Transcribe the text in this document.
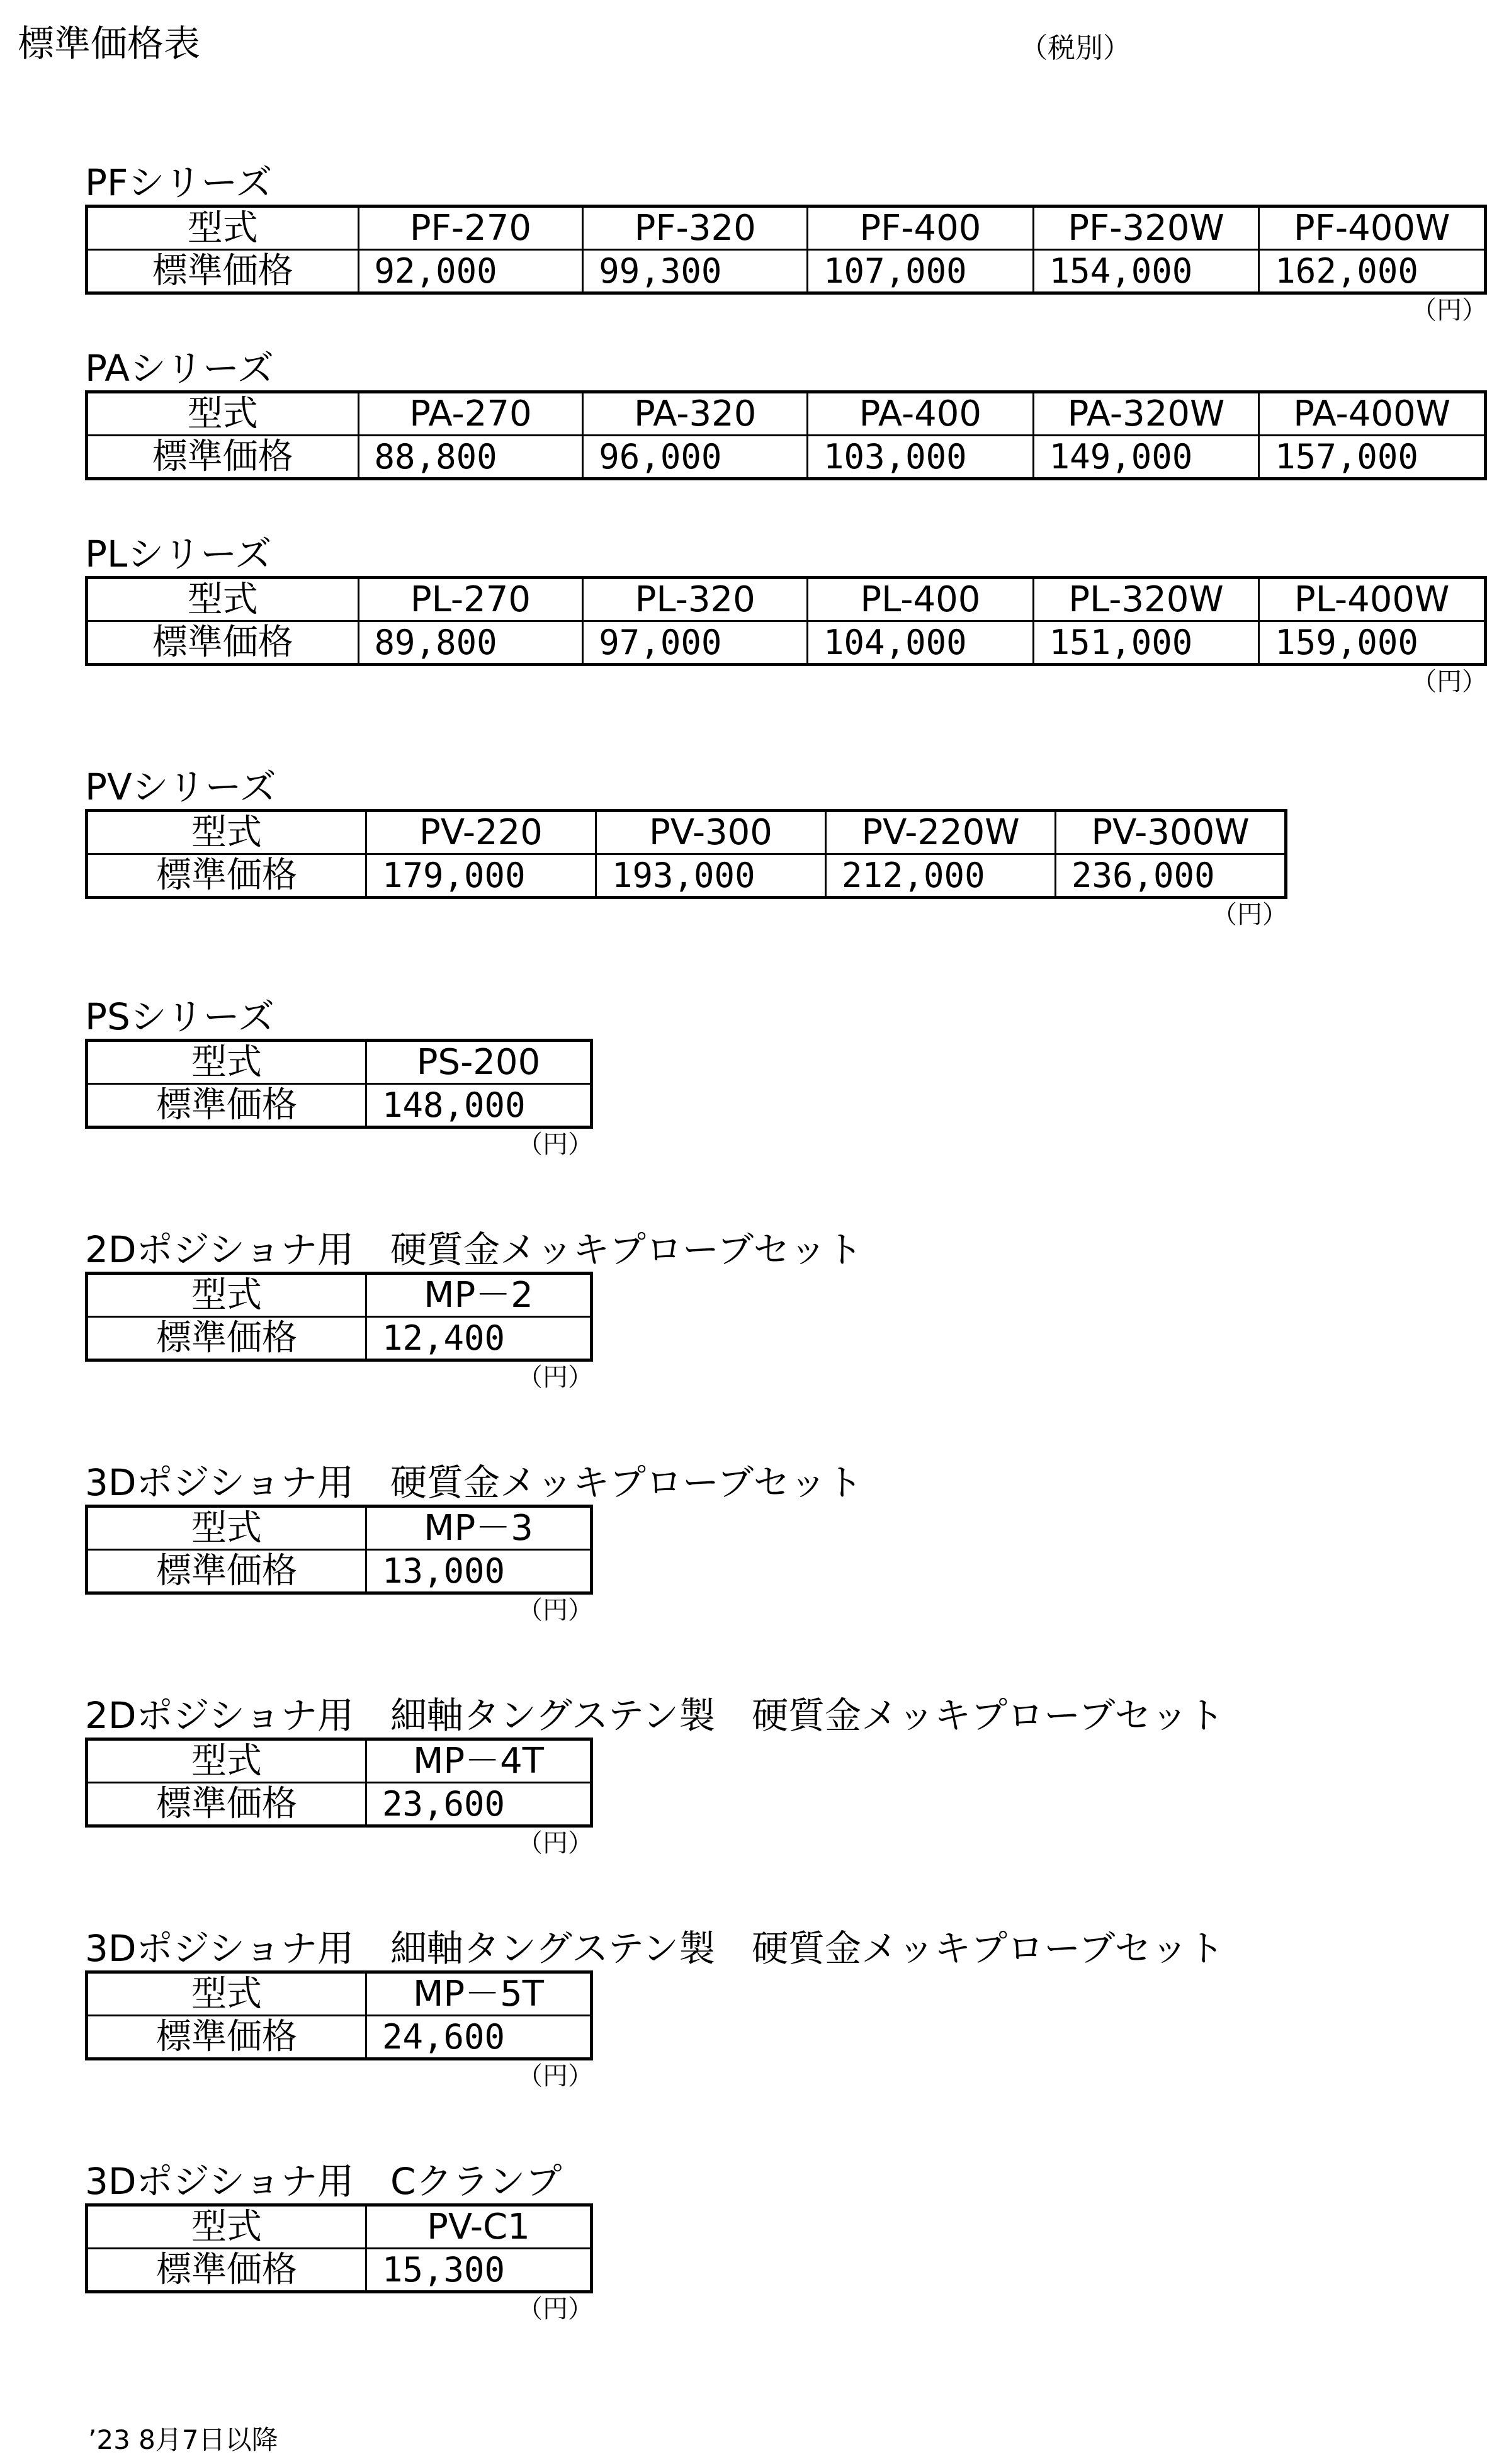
標準価格表	（税別）
PFシリーズ
型式	PF-270	PF-320	PF-400	PF-320W	PF-400W
標準価格	92,000	99,300	107,000	154,000	162,000
（円）
PAシリーズ
型式	PA-270	PA-320	PA-400	PA-320W	PA-400W
標準価格	88,800	96,000	103,000	149,000	157,000
PLシリーズ
型式	PL-270	PL-320	PL-400	PL-320W	PL-400W
標準価格	89,800	97,000	104,000	151,000	159,000
（円）
PVシリーズ
型式	PV-220	PV-300	PV-220W	PV-300W
標準価格	179,000	193,000	212,000	236,000
（円）
PSシリーズ
型式	PS-200
標準価格	148,000
（円）
2Dポジショナ用　硬質金メッキプローブセット
型式	MP－2
標準価格	12,400
（円）
3Dポジショナ用　硬質金メッキプローブセット
型式	MP－3
標準価格	13,000
（円）
2Dポジショナ用　細軸タングステン製　硬質金メッキプローブセット
型式	MP－4T
標準価格	23,600
（円）
3Dポジショナ用　細軸タングステン製　硬質金メッキプローブセット
型式	MP－5T
標準価格	24,600
（円）
3Dポジショナ用　Cクランプ
型式	PV-C1
標準価格	15,300
（円）
’23 8月7日以降
